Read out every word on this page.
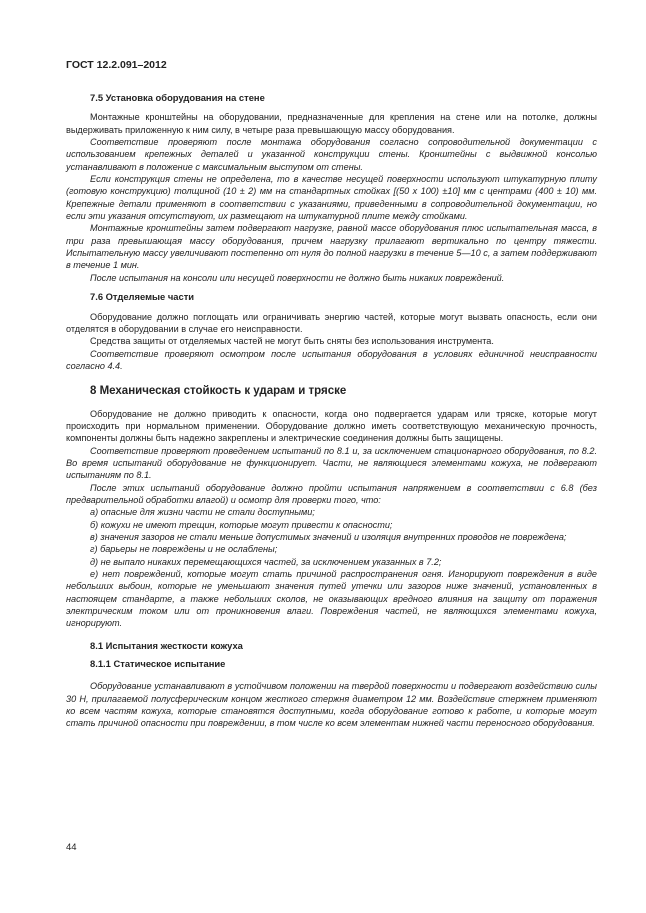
ГОСТ 12.2.091–2012
7.5 Установка оборудования на стене

Монтажные кронштейны на оборудовании, предназначенные для крепления на стене или на потолке, должны выдерживать приложенную к ним силу, в четыре раза превышающую массу оборудования.

Соответствие проверяют после монтажа оборудования согласно сопроводительной документации с использованием крепежных деталей и указанной конструкции стены. Кронштейны с выдвижной консолью устанавливают в положение с максимальным выступом от стены.

Если конструкция стены не определена, то в качестве несущей поверхности используют штукатурную плиту (готовую конструкцию) толщиной (10 ± 2) мм на стандартных стойках [(50 х 100) ±10] мм с центрами (400 ± 10) мм. Крепежные детали применяют в соответствии с указаниями, приведенными в сопроводительной документации, но если эти указания отсутствуют, их размещают на штукатурной плите между стойками.

Монтажные кронштейны затем подвергают нагрузке, равной массе оборудования плюс испытательная масса, в три раза превышающая массу оборудования, причем нагрузку прилагают вертикально по центру тяжести. Испытательную массу увеличивают постепенно от нуля до полной нагрузки в течение 5—10 с, а затем поддерживают в течение 1 мин.

После испытания на консоли или несущей поверхности не должно быть никаких повреждений.

7.6 Отделяемые части

Оборудование должно поглощать или ограничивать энергию частей, которые могут вызвать опасность, если они отделятся в оборудовании в случае его неисправности.

Средства защиты от отделяемых частей не могут быть сняты без использования инструмента.

Соответствие проверяют осмотром после испытания оборудования в условиях единичной неисправности согласно 4.4.

8 Механическая стойкость к ударам и тряске

Оборудование не должно приводить к опасности, когда оно подвергается ударам или тряске, которые могут происходить при нормальном применении. Оборудование должно иметь соответствующую механическую прочность, компоненты должны быть надежно закреплены и электрические соединения должны быть защищены.

Соответствие проверяют проведением испытаний по 8.1 и, за исключением стационарного оборудования, по 8.2. Во время испытаний оборудование не функционирует. Части, не являющиеся элементами кожуха, не подвергают испытаниям по 8.1.

После этих испытаний оборудование должно пройти испытания напряжением в соответствии с 6.8 (без предварительной обработки влагой) и осмотр для проверки того, что:

а) опасные для жизни части не стали доступными;

б) кожухи не имеют трещин, которые могут привести к опасности;

в) значения зазоров не стали меньше допустимых значений и изоляция внутренних проводов не повреждена;

г) барьеры не повреждены и не ослаблены;

д) не выпало никаких перемещающихся частей, за исключением указанных в 7.2;

е) нет повреждений, которые могут стать причиной распространения огня. Игнорируют повреждения в виде небольших выбоин, которые не уменьшают значения путей утечки или зазоров ниже значений, установленных в настоящем стандарте, а также небольших сколов, не оказывающих вредного влияния на защиту от поражения электрическим током или от проникновения влаги. Повреждения частей, не являющихся элементами кожуха, игнорируют.

8.1 Испытания жесткости кожуха
8.1.1 Статическое испытание

Оборудование устанавливают в устойчивом положении на твердой поверхности и подвергают воздействию силы 30 Н, прилагаемой полусферическим концом жесткого стержня диаметром 12 мм. Воздействие стержнем применяют ко всем частям кожуха, которые становятся доступными, когда оборудование готово к работе, и которые могут стать причиной опасности при повреждении, в том числе ко всем элементам нижней части переносного оборудования.

44
